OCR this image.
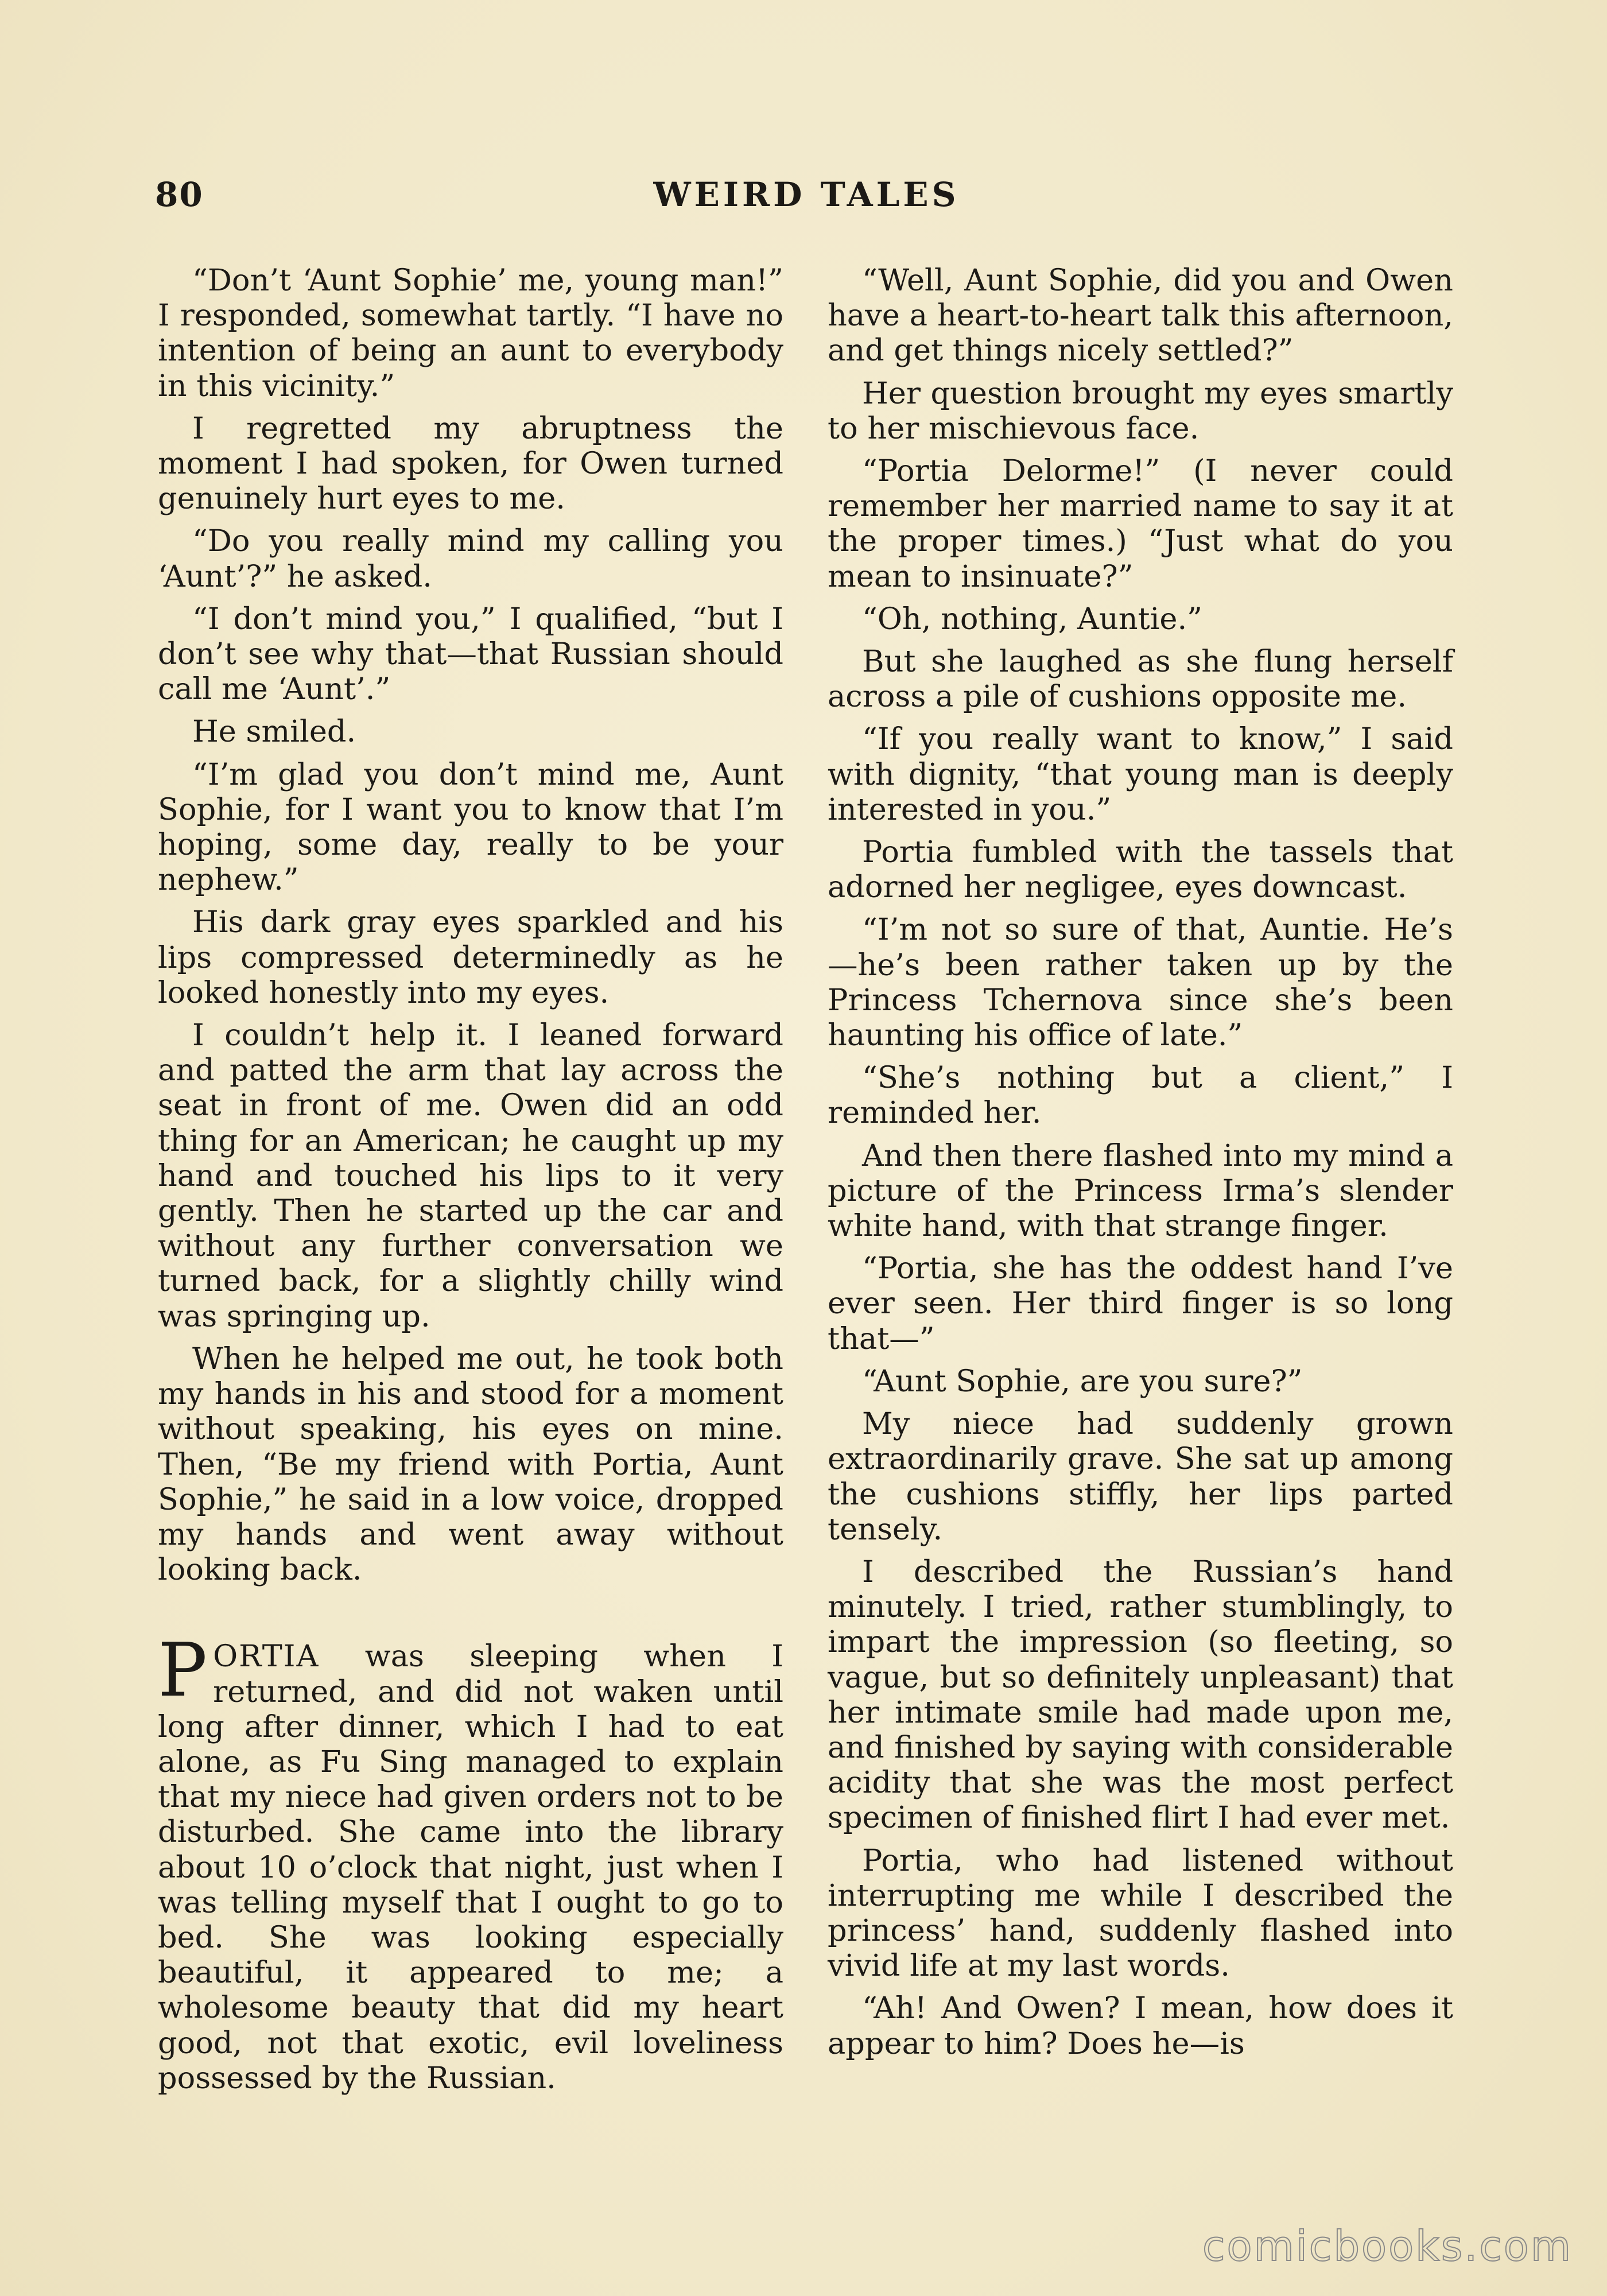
80	WEIRD TALES

“Don’t ‘Aunt Sophie’ me, young man!” I responded, somewhat tartly. “I have no intention of being an aunt to everybody in this vicinity.”

I regretted my abruptness the moment I had spoken, for Owen turned genuinely hurt eyes to me.

“Do you really mind my calling you ‘Aunt’?” he asked.

“I don’t mind you,” I qualified, “but I don’t see why that—that Russian should call me ‘Aunt’.”

He smiled.

“I’m glad you don’t mind me, Aunt Sophie, for I want you to know that I’m hoping, some day, really to be your nephew.”

His dark gray eyes sparkled and his lips compressed determinedly as he looked honestly into my eyes.

I couldn’t help it. I leaned forward and patted the arm that lay across the seat in front of me. Owen did an odd thing for an American; he caught up my hand and touched his lips to it very gently. Then he started up the car and without any further conversation we turned back, for a slightly chilly wind was springing up.

When he helped me out, he took both my hands in his and stood for a moment without speaking, his eyes on mine. Then, “Be my friend with Portia, Aunt Sophie,” he said in a low voice, dropped my hands and went away without looking back.

PORTIA was sleeping when I returned, and did not waken until long after dinner, which I had to eat alone, as Fu Sing managed to explain that my niece had given orders not to be disturbed. She came into the library about 10 o’clock that night, just when I was telling myself that I ought to go to bed. She was looking especially beautiful, it appeared to me; a wholesome beauty that did my heart good, not that exotic, evil loveliness possessed by the Russian.

“Well, Aunt Sophie, did you and Owen have a heart-to-heart talk this afternoon, and get things nicely settled?”

Her question brought my eyes smartly to her mischievous face.

“Portia Delorme!” (I never could remember her married name to say it at the proper times.) “Just what do you mean to insinuate?”

“Oh, nothing, Auntie.”

But she laughed as she flung herself across a pile of cushions opposite me.

“If you really want to know,” I said with dignity, “that young man is deeply interested in you.”

Portia fumbled with the tassels that adorned her negligee, eyes downcast.

“I’m not so sure of that, Auntie. He’s—he’s been rather taken up by the Princess Tchernova since she’s been haunting his office of late.”

“She’s nothing but a client,” I reminded her.

And then there flashed into my mind a picture of the Princess Irma’s slender white hand, with that strange finger.

“Portia, she has the oddest hand I’ve ever seen. Her third finger is so long that—”

“Aunt Sophie, are you sure?”

My niece had suddenly grown extraordinarily grave. She sat up among the cushions stiffly, her lips parted tensely.

I described the Russian’s hand minutely. I tried, rather stumblingly, to impart the impression (so fleeting, so vague, but so definitely unpleasant) that her intimate smile had made upon me, and finished by saying with considerable acidity that she was the most perfect specimen of finished flirt I had ever met.

Portia, who had listened without interrupting me while I described the princess’ hand, suddenly flashed into vivid life at my last words.

“Ah! And Owen? I mean, how does it appear to him? Does he—is

comicbooks.com
